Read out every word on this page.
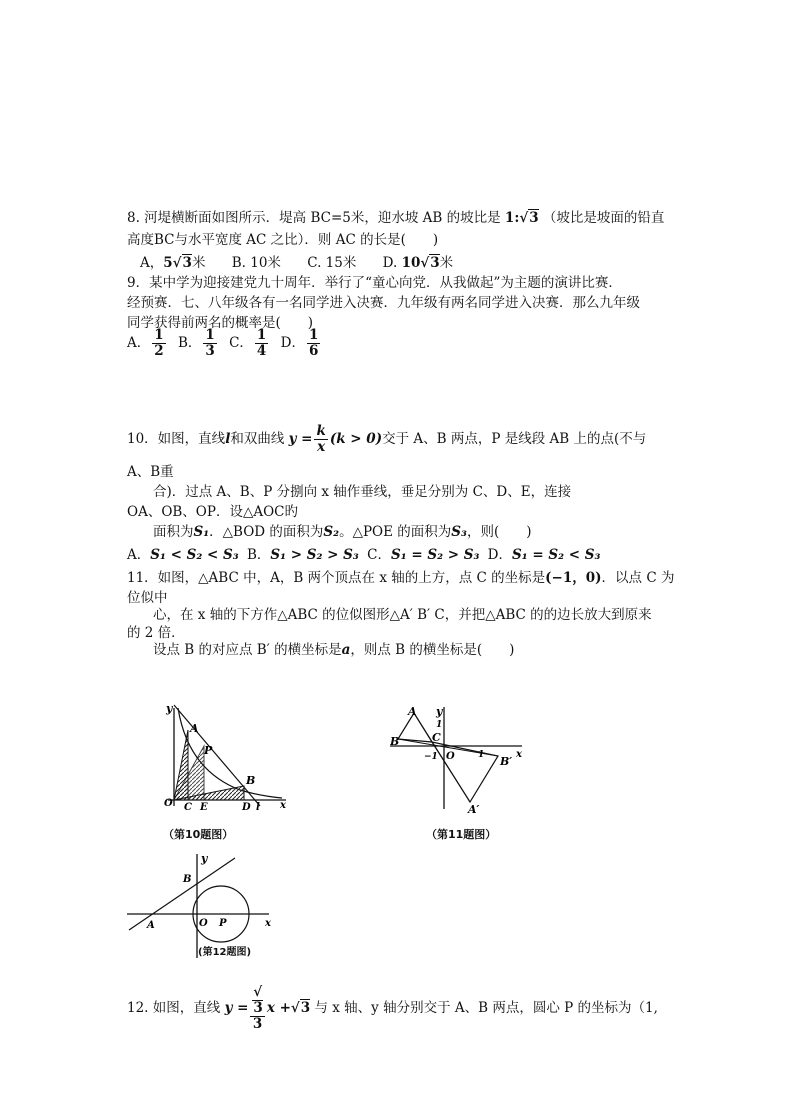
8. 河堤横断面如图所示．堤高 BC=5米，迎水坡 AB 的坡比是 1:√3 （坡比是坡面的铅直
高度BC与水平宽度 AC 之比）．则 AC 的长是(　　)
A，5√3米 B. 10米 C. 15米 D. 10√3米
9．某中学为迎接建党九十周年．举行了“童心向党．从我做起”为主题的演讲比赛．
经预赛．七、八年级各有一名同学进入决赛．九年级有两名同学进入决赛．那么九年级
同学获得前两名的概率是(　　)
A． $\frac{1}{2}$ B． $\frac{1}{3}$ C． $\frac{1}{4}$ D． $\frac{1}{6}$
10．如图，直线l和双曲线 $y = \frac{k}{x} (k > 0)$交于 A、B 两点，P 是线段 AB 上的点(不与
A、B重
合)．过点 A、B、P 分捌向 x 轴作垂线，垂足分别为 C、D、E，连接
OA、OB、OP．设△AOC旳
面积为S₁．△BOD 的面积为S₂。△POE 的面积为S₃，则(　　)
A．S₁ < S₂ < S₃ B．S₁ > S₂ > S₃ C．S₁ = S₂ > S₃ D．S₁ = S₂ < S₃
11．如图，△ABC 中，A，B 两个顶点在 x 轴的上方，点 C 的坐标是(−1，0)．以点 C 为
位似中
心，在 x 轴的下方作△ABC 的位似图形△A′ B′ C，并把△ABC 的的边长放大到原来
的 2 倍．
设点 B 的对应点 B′ 的横坐标是a，则点 B 的横坐标是(　　)
y
A
P
B
O C E	D l x
（第10题图）
y
A
1
B	C
−1 O	1	x
B′
A′
（第11题图）
y
B
A	O P	x
(第12题图)
12. 如图，直线 y = √
3
3 x +√3 与 x 轴、y 轴分别交于 A、B 两点，圆心 P 的坐标为（1,
